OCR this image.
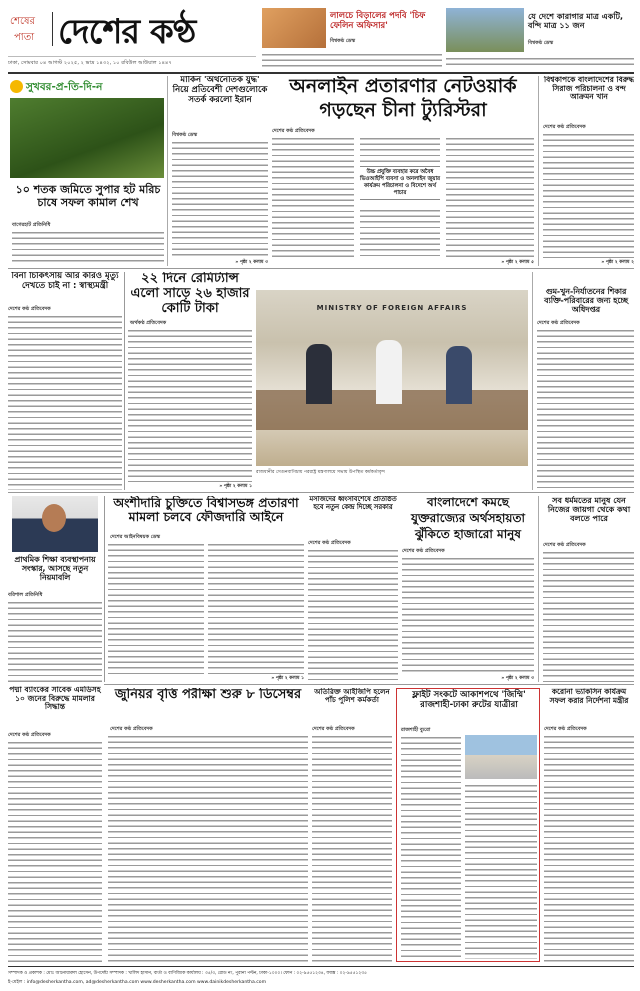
শেষের
পাতা দেশের কণ্ঠ
ঢাকা, সোমবার ০৪ আগস্ট ২০২৫, ২ ভাদ্র ১৪৩২, ১০ রবিউল আউয়াল ১৪৪৭
লালচে বিড়ালের পদবি 'চিফ ফেলিন অফিসার'
বিশ্বকণ্ঠ ডেস্ক
যে দেশে কারাগার মাত্র একটি, বন্দি মাত্র ১১ জন
বিশ্বকণ্ঠ ডেস্ক
সুখবর-প্র-তি-দি-ন
১০ শতক জমিতে সুপার হট মরিচ চাষে সফল কামাল শেখ
বাগেরহাট প্রতিনিধি
মার্কিন 'অর্থনৈতিক যুদ্ধ' নিয়ে প্রতিবেশী দেশগুলোকে সতর্ক করলো ইরান
বিশ্বকণ্ঠ ডেস্ক
» পৃষ্ঠা ২ কলাম ৩
অনলাইন প্রতারণার নেটওয়ার্ক
গড়ছেন চীনা ট্যুরিস্টরা
দেশের কণ্ঠ প্রতিবেদক
উচ্চ প্রযুক্তি ব্যবহার করে অবৈধ ভিওআইপি ব্যবসা ও অনলাইন জুয়ার কার্যক্রম পরিচালনা ও বিদেশে অর্থ পাচার
» পৃষ্ঠা ২ কলাম ৫
বিশ্বকাপকে বাংলাদেশের বিরুদ্ধ সিরাজ পরিচালনা ও বন্দ আক্রমন খান
দেশের কণ্ঠ প্রতিবেদক
» পৃষ্ঠা ২ কলাম ২
বিনা চিকিৎসায় আর কারও মৃত্যু দেখতে চাই না : স্বাস্থ্যমন্ত্রী
দেশের কণ্ঠ প্রতিবেদক
২২ দিনে রেমিট্যান্স এলো সাড়ে ২৬ হাজার কোটি টাকা
অর্থকণ্ঠ প্রতিবেদক
» পৃষ্ঠা ২ কলাম ১
MINISTRY OF FOREIGN AFFAIRS
রাজধানীর সেগুনবাগিচায় পররাষ্ট্র মন্ত্রণালয়ে সভায় উপস্থিত কর্মকর্তাবৃন্দ
গুম-খুন-নির্যাতনের শিকার ব্যক্তি-পরিবারের জন্য হচ্ছে অধিদপ্তর
দেশের কণ্ঠ প্রতিবেদক
প্রাথমিক শিক্ষা ব্যবস্থাপনায় সংস্কার, আসছে নতুন নিয়মাবলি
বরিশাল প্রতিনিধি
অংশীদারি চুক্তিতে বিশ্বাসভঙ্গ প্রতারণা মামলা চলবে ফৌজদারি আইনে
দেশের আইনবিষয়ক ডেস্ক
» পৃষ্ঠা ২ কলাম ১
মসজিদের ধ্বংসাবশেষে প্রতিষ্ঠিত হবে নতুন কেন্দ্র দিচ্ছে সরকার
দেশের কণ্ঠ প্রতিবেদক
বাংলাদেশে কমছে
যুক্তরাজ্যের অর্থসহায়তা
ঝুঁকিতে হাজারো মানুষ
দেশের কণ্ঠ প্রতিবেদক
» পৃষ্ঠা ২ কলাম ৩
সব ধর্মমতের মানুষ যেন নিজের জায়গা থেকে কথা বলতে পারে
দেশের কণ্ঠ প্রতিবেদক
পদ্মা ব্যাংকের সাবেক এমডিসহ ১০ জনের বিরুদ্ধে মামলার সিদ্ধান্ত
দেশের কণ্ঠ প্রতিবেদক
জুনিয়র বৃত্তি পরীক্ষা শুরু ৮ ডিসেম্বর
দেশের কণ্ঠ প্রতিবেদক
অতিরিক্ত আইজিপি হলেন পাঁচ পুলিশ কর্মকর্তা
দেশের কণ্ঠ প্রতিবেদক
ফ্লাইট সংকটে আকাশপথে 'জিম্মি' রাজশাহী-ঢাকা রুটের যাত্রীরা
রাজশাহী ব্যুরো
করোনা ভ্যাকসিন কার্যক্রম সফল করার নির্দেশনা মন্ত্রীর
দেশের কণ্ঠ প্রতিবেদক
সম্পাদক ও প্রকাশক : মোঃ আনোয়ারুল হোসেন, উপদেষ্টা সম্পাদক : খালিদ হাসান, বার্তা ও বাণিজ্যিক কার্যালয় : ৩৫/৩, রোড নং, পুরানা পল্টন, ঢাকা-১০০০। ফোন : ০২-৯৫৫১২৩৪, ফ্যাক্স : ০২-৯৫৫১২৩৫
ই-মেইল : info@desherkantha.com, ad@desherkantha.com www.desherkantha.com www.dainikdesherkantha.com
